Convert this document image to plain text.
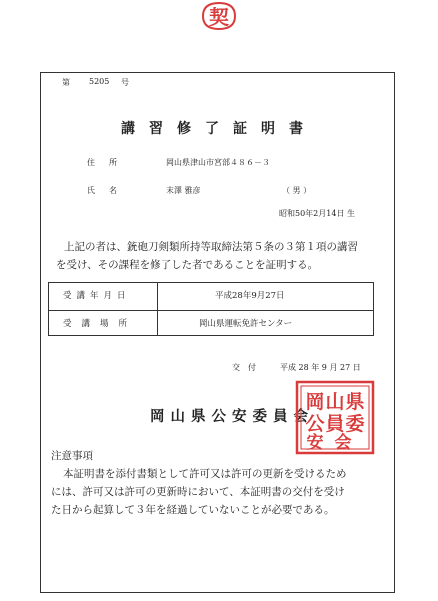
契
第 5205 号
講習修了証明書
住所	岡山県津山市宮部４８６－３
氏名	末澤 雅彦	（ 男 ）
昭和50年2月14日 生
上記の者は、銃砲刀剣類所持等取締法第５条の３第１項の講習
を受け、その課程を修了した者であることを証明する。
受講年月日	平成28年9月27日
受講場所	岡山県運転免許センター
交　付	平成 28 年 9 月 27 日
岡山県公安委員会
県
岡 山
委
公 員
安 会
注意事項
本証明書を添付書類として許可又は許可の更新を受けるため
には、許可又は許可の更新時において、本証明書の交付を受け
た日から起算して３年を経過していないことが必要である。
